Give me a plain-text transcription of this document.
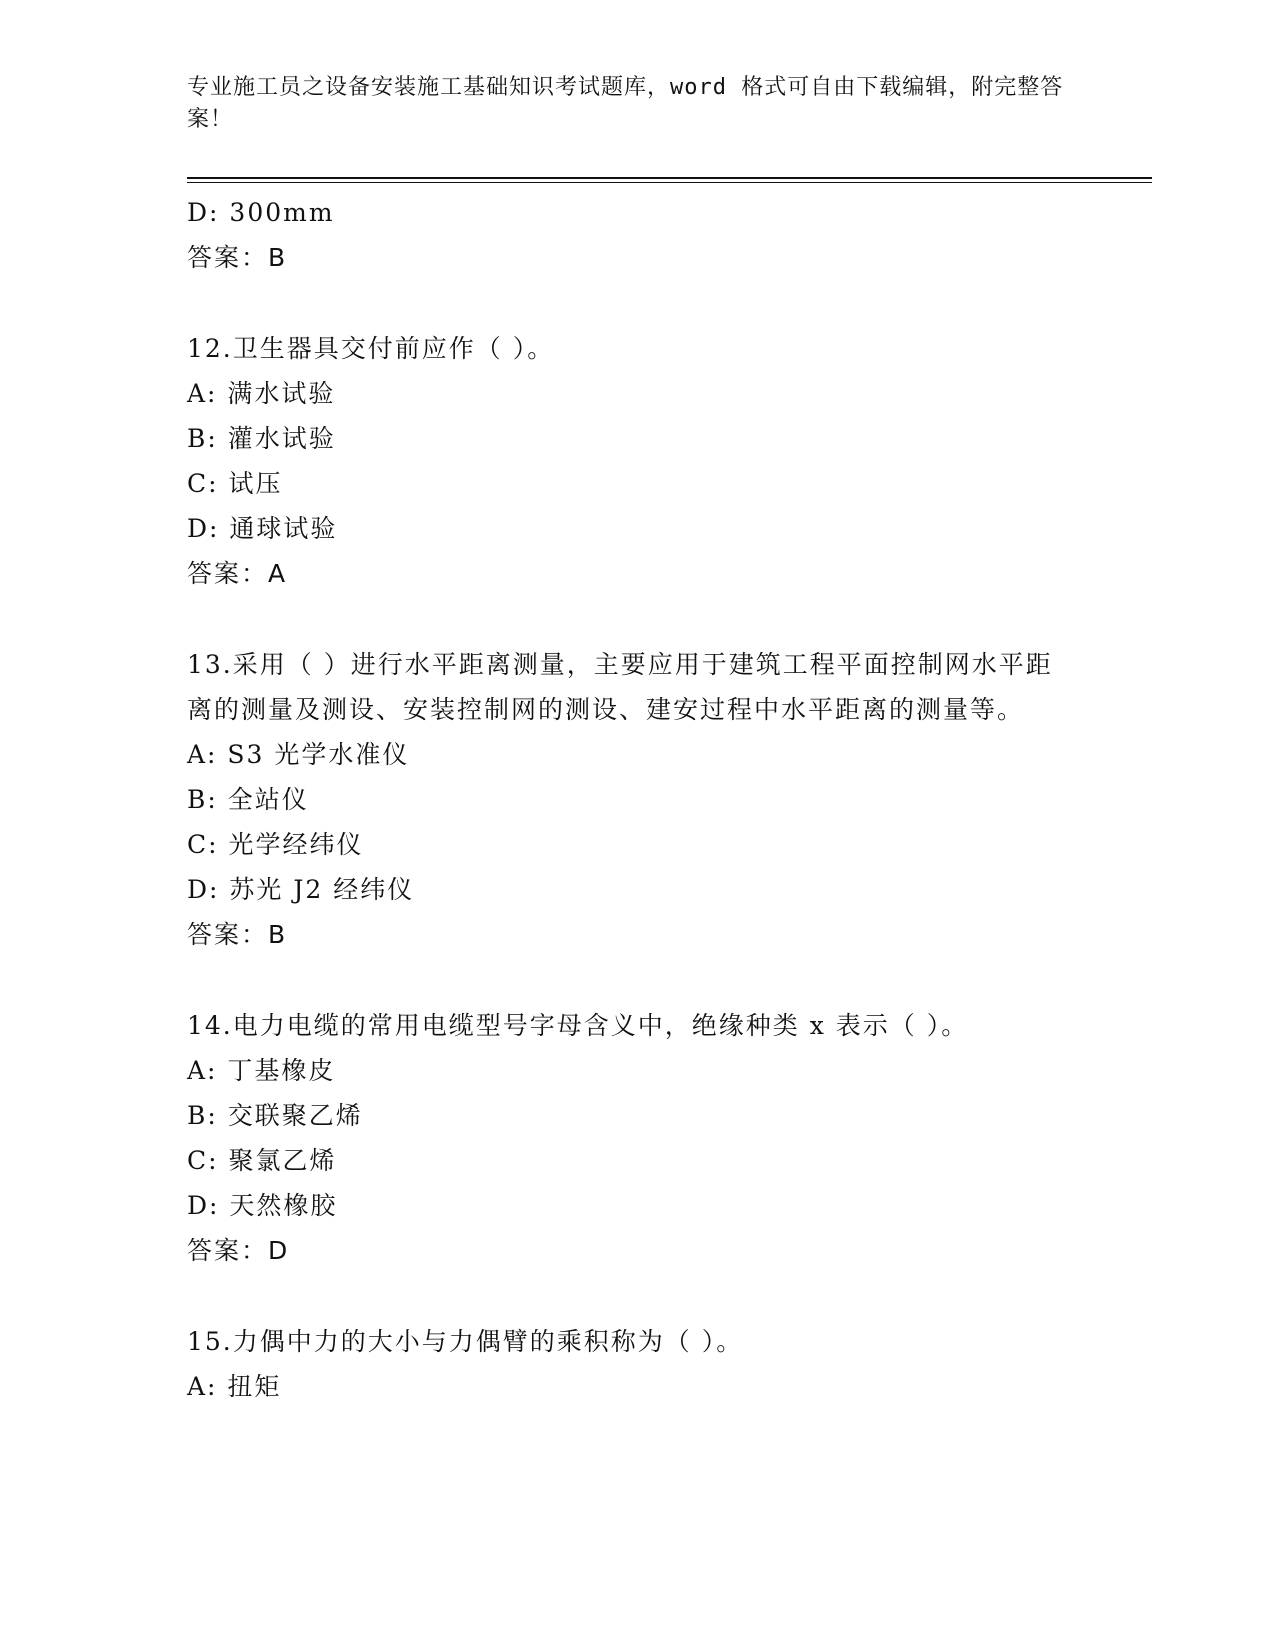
专业施工员之设备安装施工基础知识考试题库，word 格式可自由下载编辑，附完整答案！
D: 300mm
答案：B
12.卫生器具交付前应作（ ）。
A: 满水试验
B: 灌水试验
C: 试压
D: 通球试验
答案：A
13.采用（ ）进行水平距离测量，主要应用于建筑工程平面控制网水平距离的测量及测设、安装控制网的测设、建安过程中水平距离的测量等。
A: S3 光学水准仪
B: 全站仪
C: 光学经纬仪
D: 苏光 J2 经纬仪
答案：B
14.电力电缆的常用电缆型号字母含义中，绝缘种类 x 表示（ ）。
A: 丁基橡皮
B: 交联聚乙烯
C: 聚氯乙烯
D: 天然橡胶
答案：D
15.力偶中力的大小与力偶臂的乘积称为（ ）。
A: 扭矩
